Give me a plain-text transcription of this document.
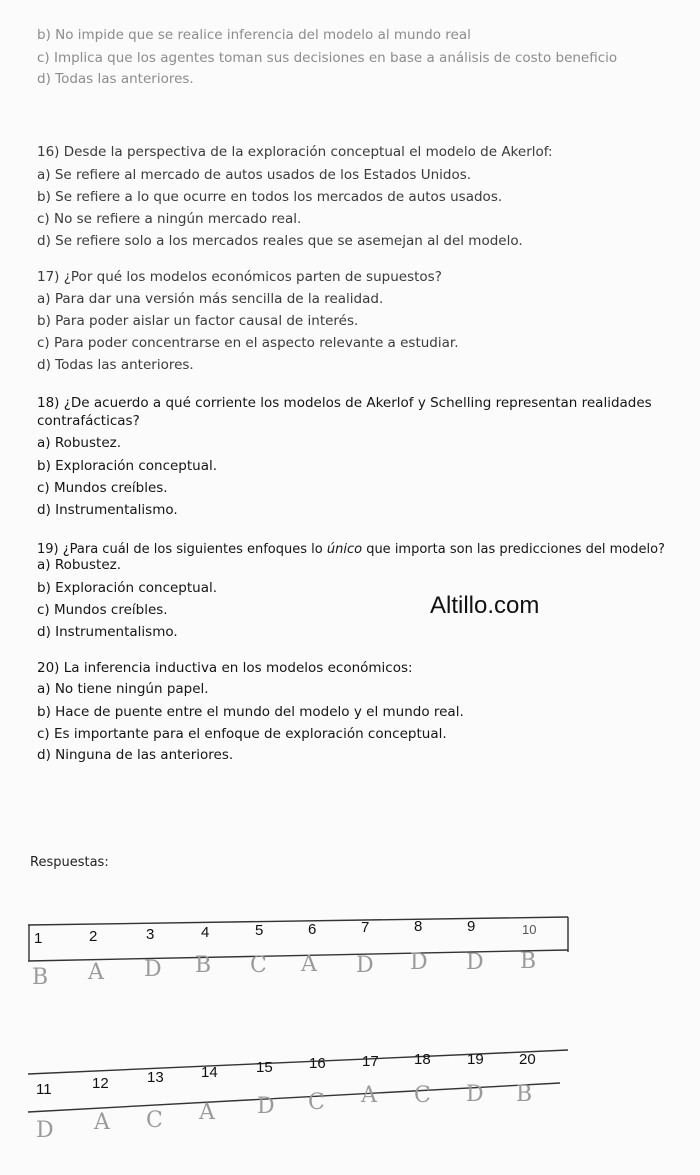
b) No impide que se realice inferencia del modelo al mundo real
c) Implica que los agentes toman sus decisiones en base a análisis de costo beneficio
d) Todas las anteriores.
16) Desde la perspectiva de la exploración conceptual el modelo de Akerlof:
a) Se refiere al mercado de autos usados de los Estados Unidos.
b) Se refiere a lo que ocurre en todos los mercados de autos usados.
c) No se refiere a ningún mercado real.
d) Se refiere solo a los mercados reales que se asemejan al del modelo.
17) ¿Por qué los modelos económicos parten de supuestos?
a) Para dar una versión más sencilla de la realidad.
b) Para poder aislar un factor causal de interés.
c) Para poder concentrarse en el aspecto relevante a estudiar.
d) Todas las anteriores.
18) ¿De acuerdo a qué corriente los modelos de Akerlof y Schelling representan realidades
contrafácticas?
a) Robustez.
b) Exploración conceptual.
c) Mundos creíbles.
d) Instrumentalismo.
19) ¿Para cuál de los siguientes enfoques lo único que importa son las predicciones del modelo?
a) Robustez.
b) Exploración conceptual.
c) Mundos creíbles.
d) Instrumentalismo.
Altillo.com
20) La inferencia inductiva en los modelos económicos:
a) No tiene ningún papel.
b) Hace de puente entre el mundo del modelo y el mundo real.
c) Es importante para el enfoque de exploración conceptual.
d) Ninguna de las anteriores.
Respuestas:
1	2	3	4	5	6	7	8	9	10
B A D B C A D D D B
11	12	13 14	15 16 17 18 19 20
D A C A D C A C D B
